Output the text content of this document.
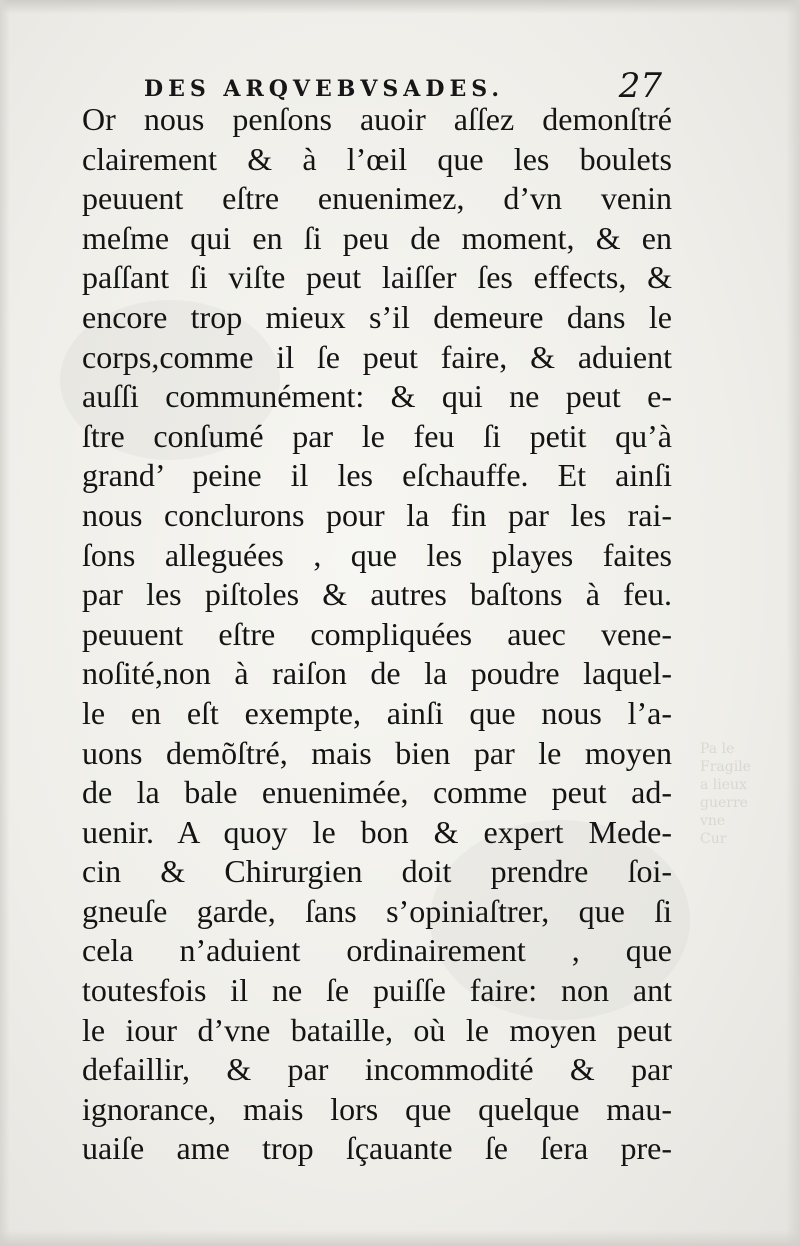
Pa le
Fragile
a lieux
guerre
vne
Cur
DES ARQVEBVSADES.	27
Or nous penſons auoir aſſez demonſtré
clairement & à l’œil que les boulets
peuuent eſtre enuenimez, d’vn venin
meſme qui en ſi peu de moment, & en
paſſant ſi viſte peut laiſſer ſes effects, &
encore trop mieux s’il demeure dans le
corps,comme il ſe peut faire, & aduient
auſſi communément: & qui ne peut e-
ſtre conſumé par le feu ſi petit qu’à
grand’ peine il les eſchauffe. Et ainſi
nous conclurons pour la fin par les rai-
ſons alleguées , que les playes faites
par les piſtoles & autres baſtons à feu.
peuuent eſtre compliquées auec vene-
noſité,non à raiſon de la poudre laquel-
le en eſt exempte, ainſi que nous l’a-
uons demõſtré, mais bien par le moyen
de la bale enuenimée, comme peut ad-
uenir. A quoy le bon & expert Mede-
cin & Chirurgien doit prendre ſoi-
gneuſe garde, ſans s’opiniaſtrer, que ſi
cela n’aduient ordinairement , que
toutesfois il ne ſe puiſſe faire: non ant
le iour d’vne bataille, où le moyen peut
defaillir, & par incommodité & par
ignorance, mais lors que quelque mau-
uaiſe ame trop ſçauante ſe ſera pre-
